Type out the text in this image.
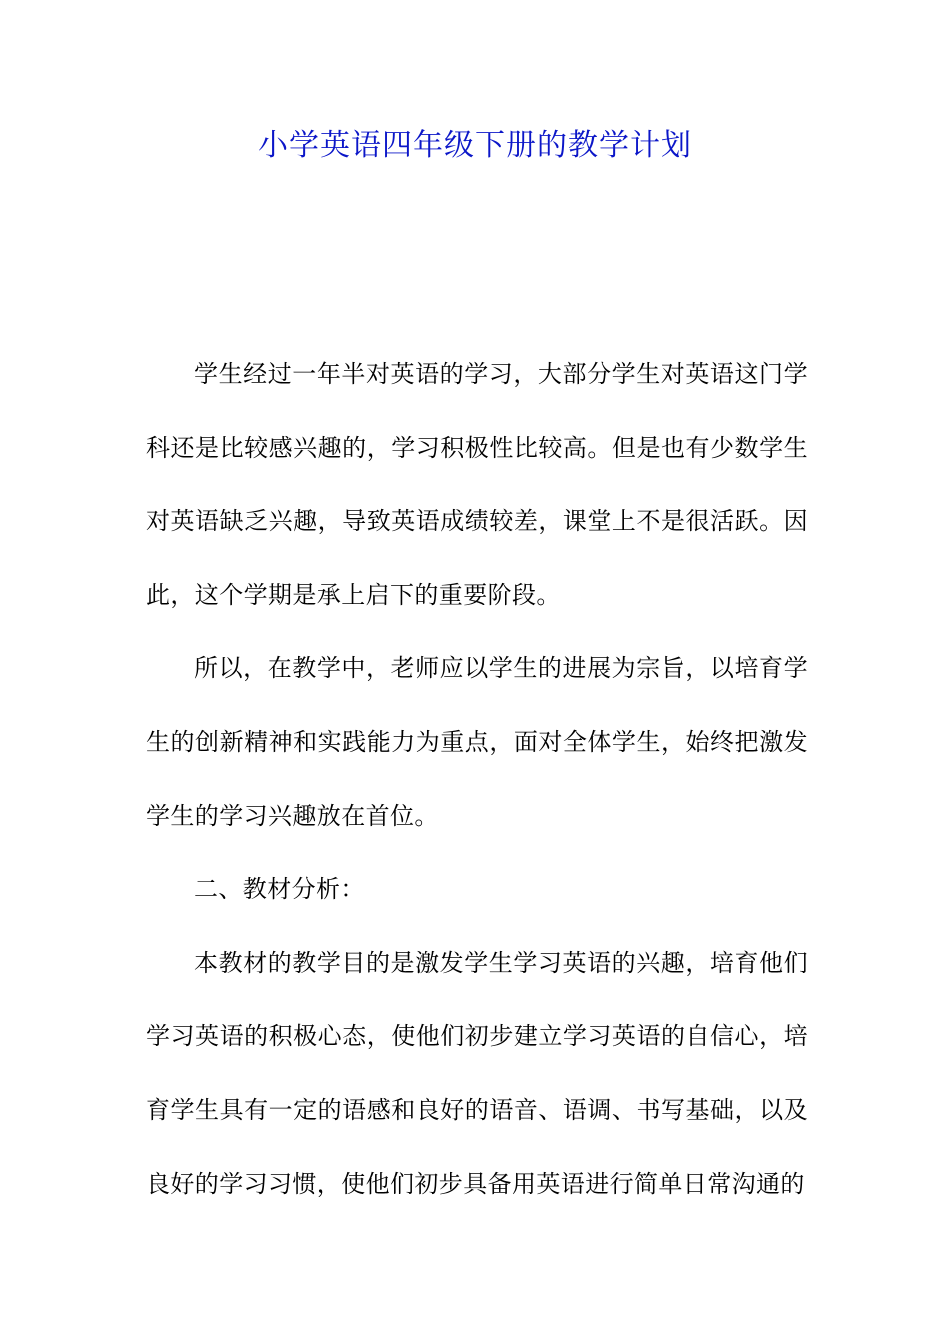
小学英语四年级下册的教学计划

学生经过一年半对英语的学习，大部分学生对英语这门学科还是比较感兴趣的，学习积极性比较高。但是也有少数学生对英语缺乏兴趣，导致英语成绩较差，课堂上不是很活跃。因此，这个学期是承上启下的重要阶段。

所以，在教学中，老师应以学生的进展为宗旨，以培育学生的创新精神和实践能力为重点，面对全体学生，始终把激发学生的学习兴趣放在首位。

二、教材分析：

本教材的教学目的是激发学生学习英语的兴趣，培育他们学习英语的积极心态，使他们初步建立学习英语的自信心，培育学生具有一定的语感和良好的语音、语调、书写基础，以及良好的学习习惯，使他们初步具备用英语进行简单日常沟通的
